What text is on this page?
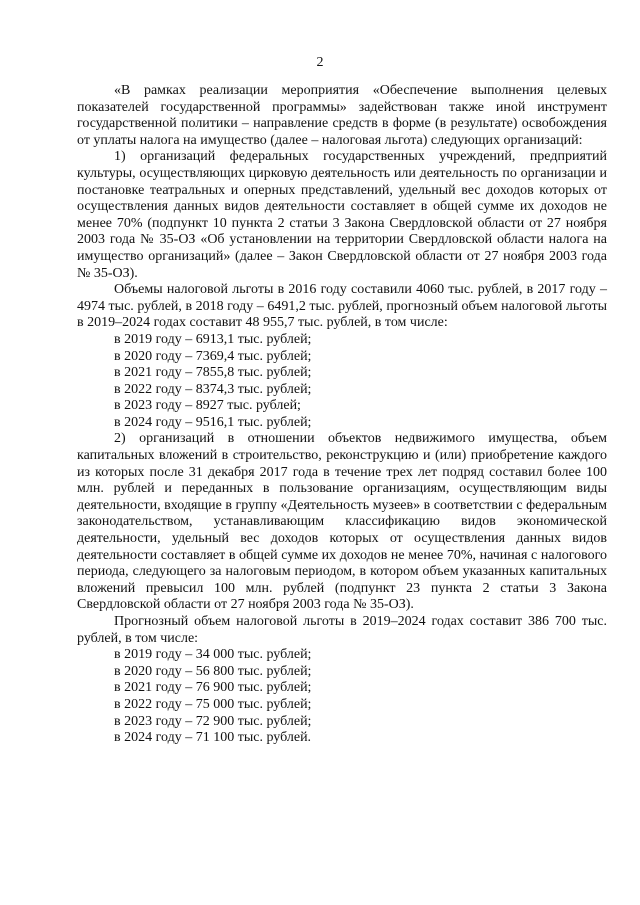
2

«В рамках реализации мероприятия «Обеспечение выполнения целевых показателей государственной программы» задействован также иной инструмент государственной политики – направление средств в форме (в результате) освобождения от уплаты налога на имущество (далее – налоговая льгота) следующих организаций:

1) организаций федеральных государственных учреждений, предприятий культуры, осуществляющих цирковую деятельность или деятельность по организации и постановке театральных и оперных представлений, удельный вес доходов которых от осуществления данных видов деятельности составляет в общей сумме их доходов не менее 70% (подпункт 10 пункта 2 статьи 3 Закона Свердловской области от 27 ноября 2003 года № 35-ОЗ «Об установлении на территории Свердловской области налога на имущество организаций» (далее – Закон Свердловской области от 27 ноября 2003 года № 35-ОЗ).

Объемы налоговой льготы в 2016 году составили 4060 тыс. рублей, в 2017 году – 4974 тыс. рублей, в 2018 году – 6491,2 тыс. рублей, прогнозный объем налоговой льготы в 2019–2024 годах составит 48 955,7 тыс. рублей, в том числе:

в 2019 году – 6913,1 тыс. рублей;
в 2020 году – 7369,4 тыс. рублей;
в 2021 году – 7855,8 тыс. рублей;
в 2022 году – 8374,3 тыс. рублей;
в 2023 году – 8927 тыс. рублей;
в 2024 году – 9516,1 тыс. рублей;

2) организаций в отношении объектов недвижимого имущества, объем капитальных вложений в строительство, реконструкцию и (или) приобретение каждого из которых после 31 декабря 2017 года в течение трех лет подряд составил более 100 млн. рублей и переданных в пользование организациям, осуществляющим виды деятельности, входящие в группу «Деятельность музеев» в соответствии с федеральным законодательством, устанавливающим классификацию видов экономической деятельности, удельный вес доходов которых от осуществления данных видов деятельности составляет в общей сумме их доходов не менее 70%, начиная с налогового периода, следующего за налоговым периодом, в котором объем указанных капитальных вложений превысил 100 млн. рублей (подпункт 23 пункта 2 статьи 3 Закона Свердловской области от 27 ноября 2003 года № 35-ОЗ).

Прогнозный объем налоговой льготы в 2019–2024 годах составит 386 700 тыс. рублей, в том числе:

в 2019 году – 34 000 тыс. рублей;
в 2020 году – 56 800 тыс. рублей;
в 2021 году – 76 900 тыс. рублей;
в 2022 году – 75 000 тыс. рублей;
в 2023 году – 72 900 тыс. рублей;
в 2024 году – 71 100 тыс. рублей.
